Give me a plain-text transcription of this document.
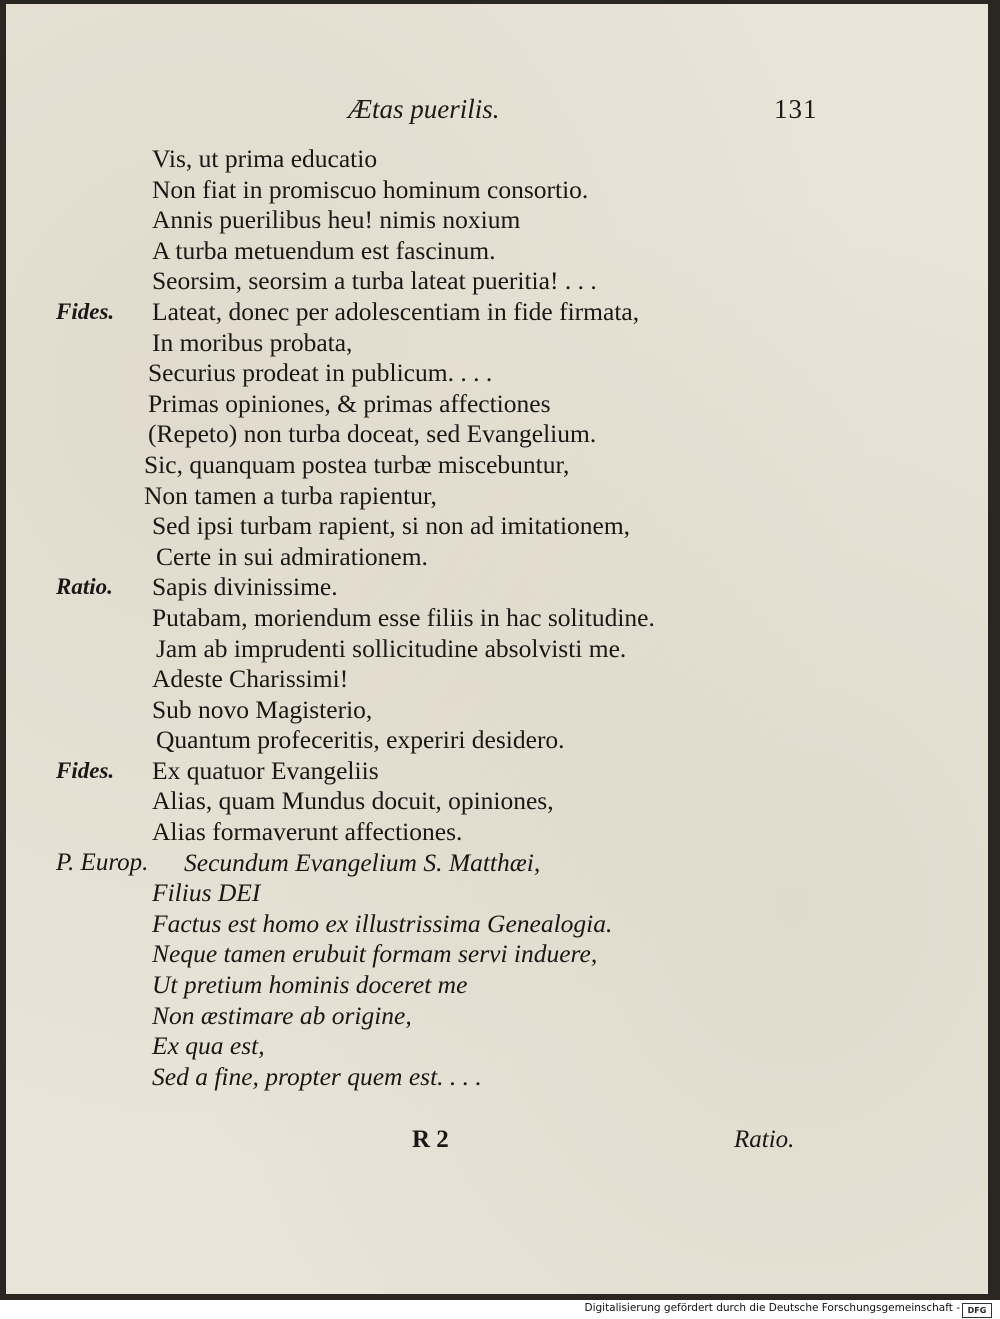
Ætas puerilis.	131
Vis, ut prima educatio
Non fiat in promiscuo hominum consortio.
Annis puerilibus heu! nimis noxium
A turba metuendum est fascinum.
Seorsim, seorsim a turba lateat pueritia! . . .
Fides. Lateat, donec per adolescentiam in fide firmata,
In moribus probata,
Securius prodeat in publicum. . . .
Primas opiniones, & primas affectiones
(Repeto) non turba doceat, sed Evangelium.
Sic, quanquam postea turbæ miscebuntur,
Non tamen a turba rapientur,
Sed ipsi turbam rapient, si non ad imitationem,
Certe in sui admirationem.
Ratio. Sapis divinissime.
Putabam, moriendum esse filiis in hac solitudine.
Jam ab imprudenti sollicitudine absolvisti me.
Adeste Charissimi!
Sub novo Magisterio,
Quantum profeceritis, experiri desidero.
Fides. Ex quatuor Evangeliis
Alias, quam Mundus docuit, opiniones,
Alias formaverunt affectiones.
P. Europ. Secundum Evangelium S. Matthæi,
Filius DEI
Factus est homo ex illustrissima Genealogia.
Neque tamen erubuit formam servi induere,
Ut pretium hominis doceret me
Non æstimare ab origine,
Ex qua est,
Sed a fine, propter quem est. . . .
R 2	Ratio.
Digitalisierung gefördert durch die Deutsche Forschungsgemeinschaft - DFG
